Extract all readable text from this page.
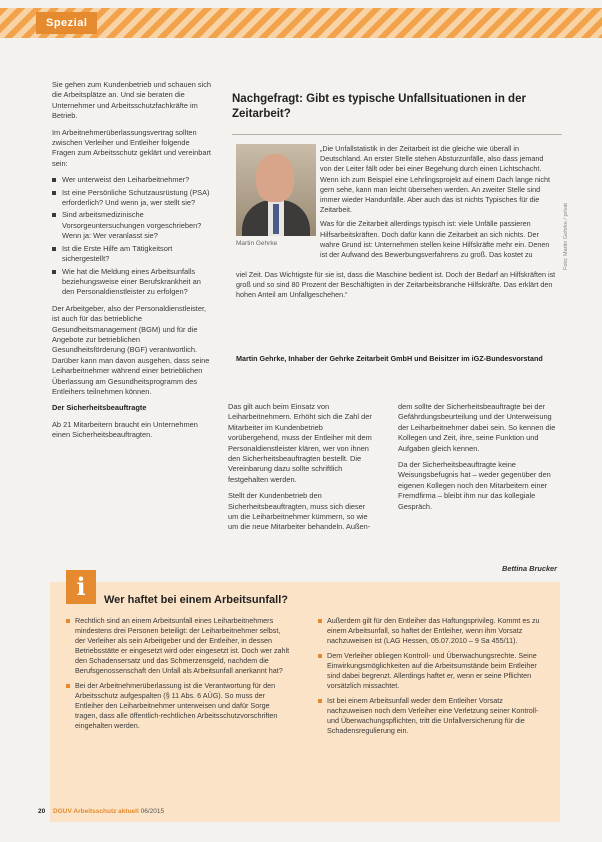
Spezial

Sie gehen zum Kundenbetrieb und schauen sich die Arbeitsplätze an. Und sie beraten die Unternehmer und Arbeitsschutzfachkräfte im Betrieb.

Im Arbeitnehmerüberlassungsvertrag sollten zwischen Verleiher und Entleiher folgende Fragen zum Arbeitsschutz geklärt und vereinbart sein:

Wer unterweist den Leiharbeitnehmer?
Ist eine Persönliche Schutzausrüstung (PSA) erforderlich? Und wenn ja, wer stellt sie?
Sind arbeitsmedizinische Vorsorgeuntersuchungen vorgeschrieben? Wenn ja: Wer veranlasst sie?
Ist die Erste Hilfe am Tätigkeitsort sichergestellt?
Wie hat die Meldung eines Arbeitsunfalls beziehungsweise einer Berufskrankheit an den Personaldienstleister zu erfolgen?

Der Arbeitgeber, also der Personaldienstleister, ist auch für das betriebliche Gesundheitsmanagement (BGM) und für die Angebote zur betrieblichen Gesundheitsförderung (BGF) verantwortlich. Darüber kann man davon ausgehen, dass seine Leiharbeitnehmer während einer betrieblichen Überlassung am Gesundheitsprogramm des Entleihers teilnehmen können.

Der Sicherheitsbeauftragte

Ab 21 Mitarbeitern braucht ein Unternehmen einen Sicherheitsbeauftragten.

Nachgefragt: Gibt es typische Unfallsituationen in der Zeitarbeit?
Martin Gehrke

„Die Unfallstatistik in der Zeitarbeit ist die gleiche wie überall in Deutschland. An erster Stelle stehen Absturzunfälle, also dass jemand von der Leiter fällt oder bei einer Begehung durch einen Lichtschacht. Wenn ich zum Beispiel eine Lehrlingsprojekt auf einem Dach lange nicht gern sehe, kann man leicht übersehen werden. An zweiter Stelle sind immer wieder Handunfälle. Aber auch das ist nichts Typisches für die Zeitarbeit.

Was für die Zeitarbeit allerdings typisch ist: viele Unfälle passieren Hilfsarbeitskräften. Doch dafür kann die Zeitarbeit an sich nichts. Der wahre Grund ist: Unternehmen stellen keine Hilfskräfte mehr ein. Denen ist der Aufwand des Bewerbungsverfahrens zu groß. Das kostet zu

viel Zeit. Das Wichtigste für sie ist, dass die Maschine bedient ist. Doch der Bedarf an Hilfskräften ist groß und so sind 80 Prozent der Beschäftigten in der Zeitarbeitsbranche Hilfskräfte. Das erklärt den hohen Anteil am Unfallgeschehen.“
Martin Gehrke, Inhaber der Gehrke Zeitarbeit GmbH und Beisitzer im iGZ-Bundesvorstand
Foto: Martin Gehrke / privat

Das gilt auch beim Einsatz von Leiharbeitnehmern. Erhöht sich die Zahl der Mitarbeiter im Kundenbetrieb vorübergehend, muss der Entleiher mit dem Personaldienstleister klären, wer von ihnen den Sicherheitsbeauftragten bestellt. Die Vereinbarung dazu sollte schriftlich festgehalten werden.

Stellt der Kundenbetrieb den Sicherheitsbeauftragten, muss sich dieser um die Leiharbeitnehmer kümmern, so wie um die neue Mitarbeiter behandeln. Außen-

dem sollte der Sicherheitsbeauftragte bei der Gefährdungsbeurteilung und der Unterweisung der Leiharbeitnehmer dabei sein. So kennen die Kollegen und Zeit, ihre, seine Funktion und Aufgaben gleich kennen.

Da der Sicherheitsbeauftragte keine Weisungsbefugnis hat – weder gegenüber den eigenen Kollegen noch den Mitarbeitern einer Fremdfirma – bleibt ihm nur das kollegiale Gespräch.

Bettina Brucker
i	Wer haftet bei einem Arbeitsunfall?
Rechtlich sind an einem Arbeitsunfall eines Leiharbeitnehmers mindestens drei Personen beteiligt: der Leiharbeitnehmer selbst, der Verleiher als sein Arbeitgeber und der Entleiher, in dessen Betriebsstätte er eingesetzt wird oder eingesetzt ist. Doch wer zahlt den Schadensersatz und das Schmerzensgeld, nachdem die Berufsgenossenschaft den Unfall als Arbeitsunfall anerkannt hat?
Bei der Arbeitnehmerüberlassung ist die Verantwortung für den Arbeitsschutz aufgespalten (§ 11 Abs. 6 AÜG). So muss der Entleiher den Leiharbeitnehmer unterweisen und dafür Sorge tragen, dass alle öffentlich-rechtlichen Arbeitsschutzvorschriften eingehalten werden.
Außerdem gilt für den Entleiher das Haftungsprivileg. Kommt es zu einem Arbeitsunfall, so haftet der Entleiher, wenn ihm Vorsatz nachzuweisen ist (LAG Hessen, 05.07.2010 – 9 Sa 455/11).
Dem Verleiher obliegen Kontroll- und Überwachungsrechte. Seine Einwirkungsmöglichkeiten auf die Arbeitsumstände beim Entleiher sind dabei begrenzt. Allerdings haftet er, wenn er seine Pflichten vorsätzlich missachtet.
Ist bei einem Arbeitsunfall weder dem Entleiher Vorsatz nachzuweisen noch dem Verleiher eine Verletzung seiner Kontroll- und Überwachungspflichten, tritt die Unfallversicherung für die Schadensregulierung ein.
20 DGUV Arbeitsschutz aktuell 06/2015
